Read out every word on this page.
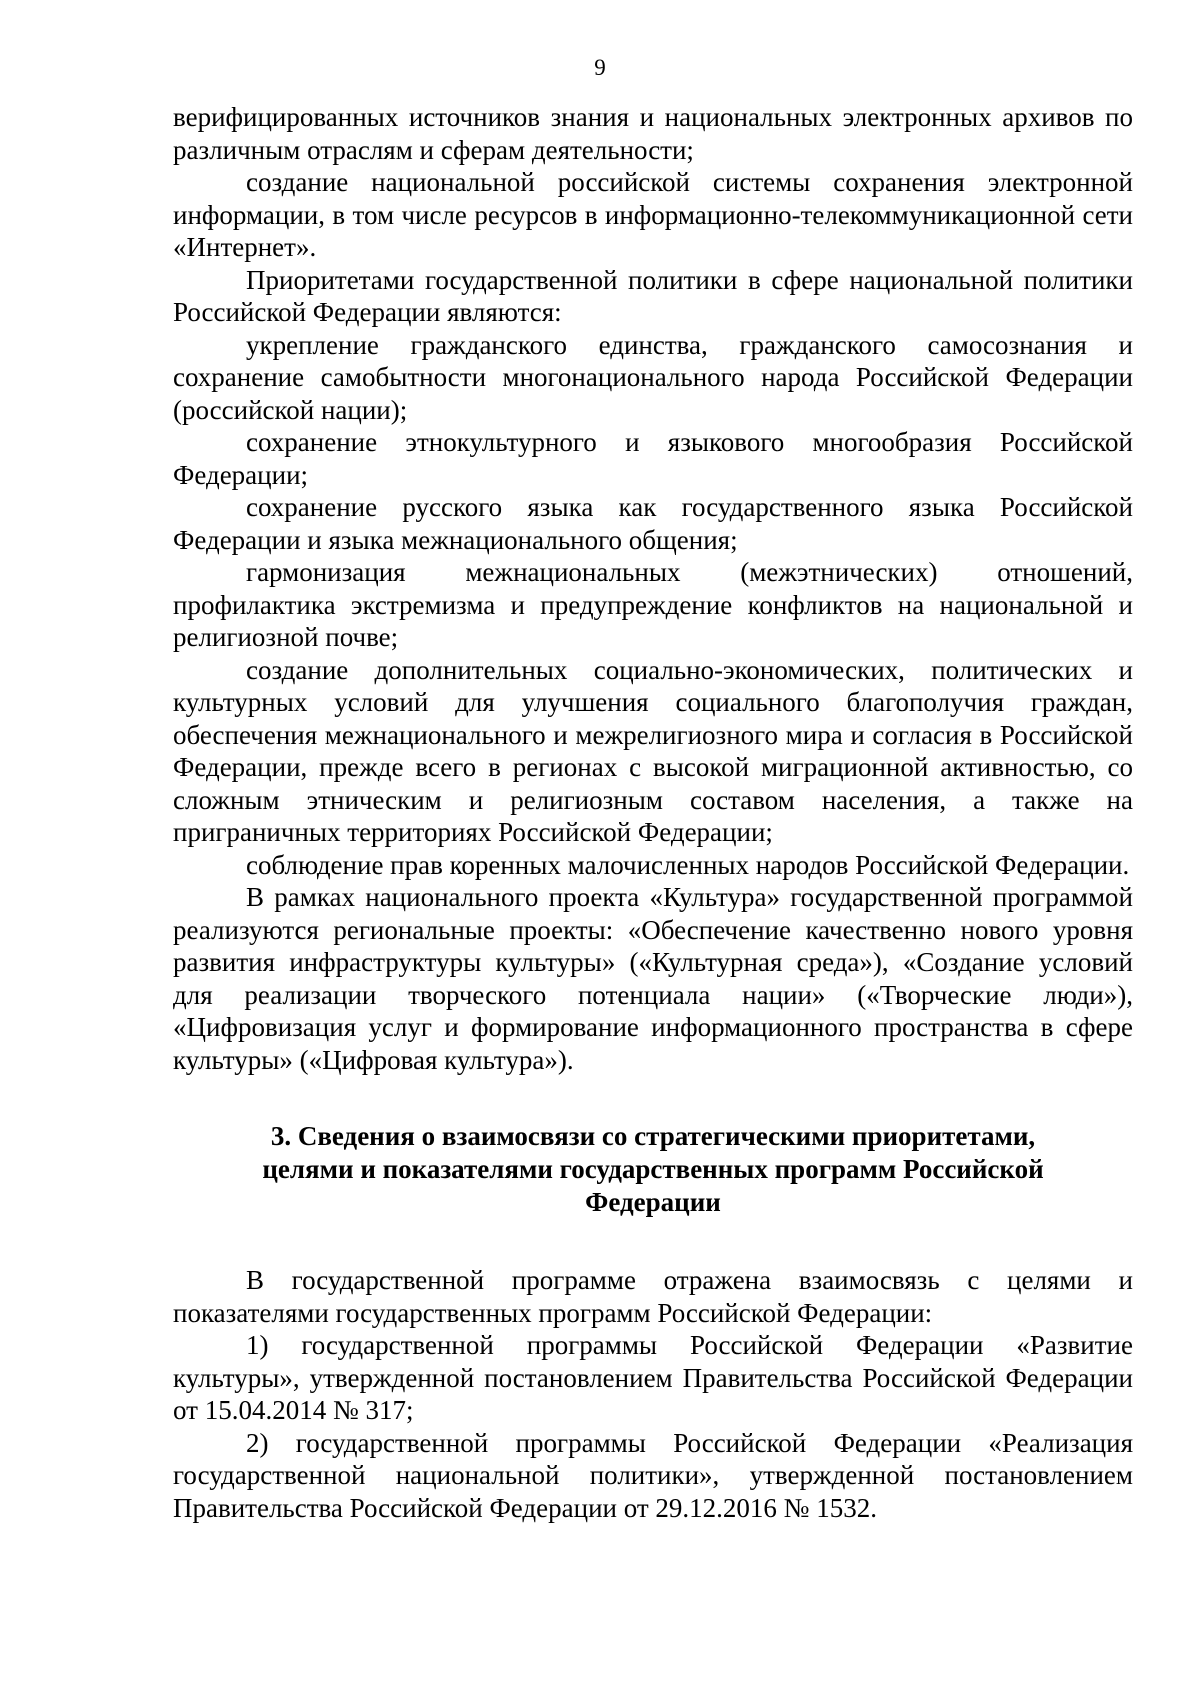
9

верифицированных источников знания и национальных электронных архивов по различным отраслям и сферам деятельности;

создание национальной российской системы сохранения электронной информации, в том числе ресурсов в информационно-телекоммуникационной сети «Интернет».

Приоритетами государственной политики в сфере национальной политики Российской Федерации являются:

укрепление гражданского единства, гражданского самосознания и сохранение самобытности многонационального народа Российской Федерации (российской нации);

сохранение этнокультурного и языкового многообразия Российской Федерации;

сохранение русского языка как государственного языка Российской Федерации и языка межнационального общения;

гармонизация межнациональных (межэтнических) отношений, профилактика экстремизма и предупреждение конфликтов на национальной и религиозной почве;

создание дополнительных социально-экономических, политических и культурных условий для улучшения социального благополучия граждан, обеспечения межнационального и межрелигиозного мира и согласия в Российской Федерации, прежде всего в регионах с высокой миграционной активностью, со сложным этническим и религиозным составом населения, а также на приграничных территориях Российской Федерации;

соблюдение прав коренных малочисленных народов Российской Федерации.

В рамках национального проекта «Культура» государственной программой реализуются региональные проекты: «Обеспечение качественно нового уровня развития инфраструктуры культуры» («Культурная среда»), «Создание условий для реализации творческого потенциала нации» («Творческие люди»), «Цифровизация услуг и формирование информационного пространства в сфере культуры» («Цифровая культура»).

3. Сведения о взаимосвязи со стратегическими приоритетами,
целями и показателями государственных программ Российской
Федерации

В государственной программе отражена взаимосвязь с целями и показателями государственных программ Российской Федерации:

1) государственной программы Российской Федерации «Развитие культуры», утвержденной постановлением Правительства Российской Федерации от 15.04.2014 № 317;

2) государственной программы Российской Федерации «Реализация государственной национальной политики», утвержденной постановлением Правительства Российской Федерации от 29.12.2016 № 1532.
